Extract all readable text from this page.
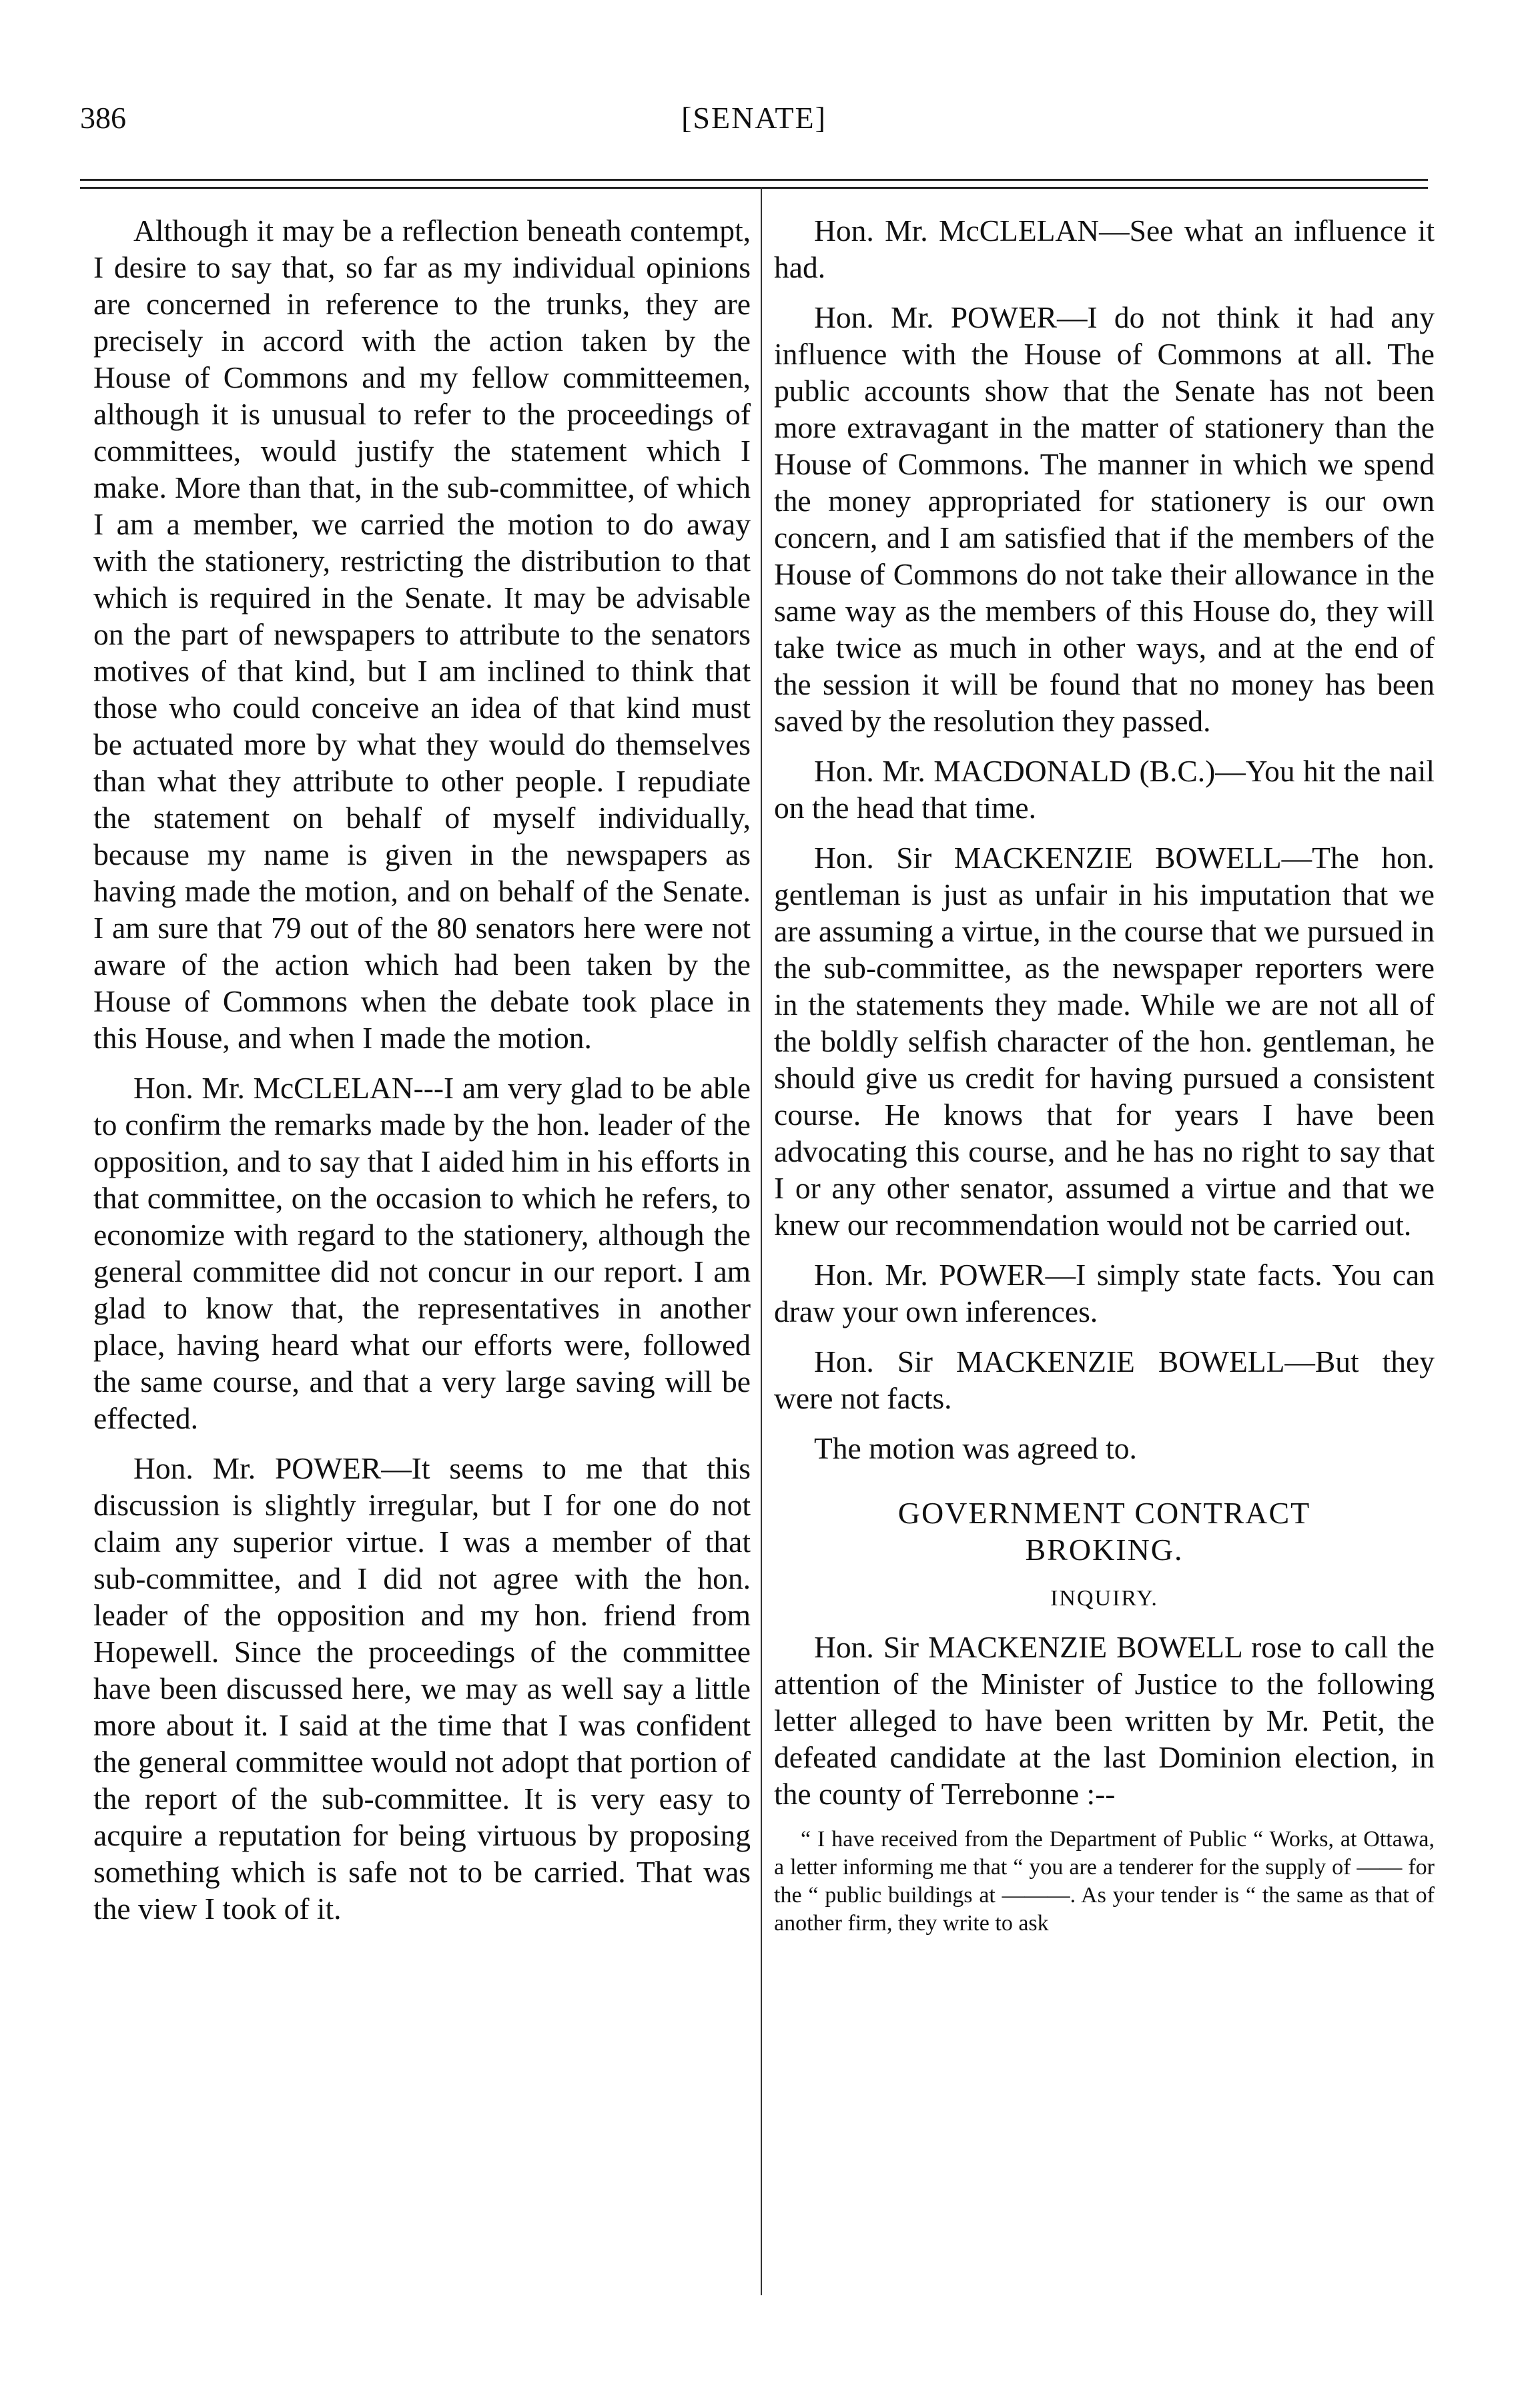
386	[SENATE]

Although it may be a reflection beneath contempt, I desire to say that, so far as my individual opinions are concerned in reference to the trunks, they are precisely in accord with the action taken by the House of Commons and my fellow committeemen, although it is unusual to refer to the proceedings of committees, would justify the statement which I make. More than that, in the sub-committee, of which I am a member, we carried the motion to do away with the stationery, restricting the distribution to that which is required in the Senate. It may be advisable on the part of newspapers to attribute to the senators motives of that kind, but I am inclined to think that those who could conceive an idea of that kind must be actuated more by what they would do themselves than what they attribute to other people. I repudiate the statement on behalf of myself individually, because my name is given in the newspapers as having made the motion, and on behalf of the Senate. I am sure that 79 out of the 80 senators here were not aware of the action which had been taken by the House of Commons when the debate took place in this House, and when I made the motion.

Hon. Mr. McCLELAN---I am very glad to be able to confirm the remarks made by the hon. leader of the opposition, and to say that I aided him in his efforts in that committee, on the occasion to which he refers, to economize with regard to the stationery, although the general committee did not concur in our report. I am glad to know that, the representatives in another place, having heard what our efforts were, followed the same course, and that a very large saving will be effected.

Hon. Mr. POWER—It seems to me that this discussion is slightly irregular, but I for one do not claim any superior virtue. I was a member of that sub-committee, and I did not agree with the hon. leader of the opposition and my hon. friend from Hopewell. Since the proceedings of the committee have been discussed here, we may as well say a little more about it. I said at the time that I was confident the general committee would not adopt that portion of the report of the sub-committee. It is very easy to acquire a reputation for being virtuous by proposing something which is safe not to be carried. That was the view I took of it.

Hon. Mr. McCLELAN—See what an influence it had.

Hon. Mr. POWER—I do not think it had any influence with the House of Commons at all. The public accounts show that the Senate has not been more extravagant in the matter of stationery than the House of Commons. The manner in which we spend the money appropriated for stationery is our own concern, and I am satisfied that if the members of the House of Commons do not take their allowance in the same way as the members of this House do, they will take twice as much in other ways, and at the end of the session it will be found that no money has been saved by the resolution they passed.

Hon. Mr. MACDONALD (B.C.)—You hit the nail on the head that time.

Hon. Sir MACKENZIE BOWELL—The hon. gentleman is just as unfair in his imputation that we are assuming a virtue, in the course that we pursued in the sub-committee, as the newspaper reporters were in the statements they made. While we are not all of the boldly selfish character of the hon. gentleman, he should give us credit for having pursued a consistent course. He knows that for years I have been advocating this course, and he has no right to say that I or any other senator, assumed a virtue and that we knew our recommendation would not be carried out.

Hon. Mr. POWER—I simply state facts. You can draw your own inferences.

Hon. Sir MACKENZIE BOWELL—But they were not facts.

The motion was agreed to.

GOVERNMENT CONTRACT
BROKING.
INQUIRY.

Hon. Sir MACKENZIE BOWELL rose to call the attention of the Minister of Justice to the following letter alleged to have been written by Mr. Petit, the defeated candidate at the last Dominion election, in the county of Terrebonne :--

“ I have received from the Department of Public “ Works, at Ottawa, a letter informing me that “ you are a tenderer for the supply of —— for the “ public buildings at ———. As your tender is “ the same as that of another firm, they write to ask
